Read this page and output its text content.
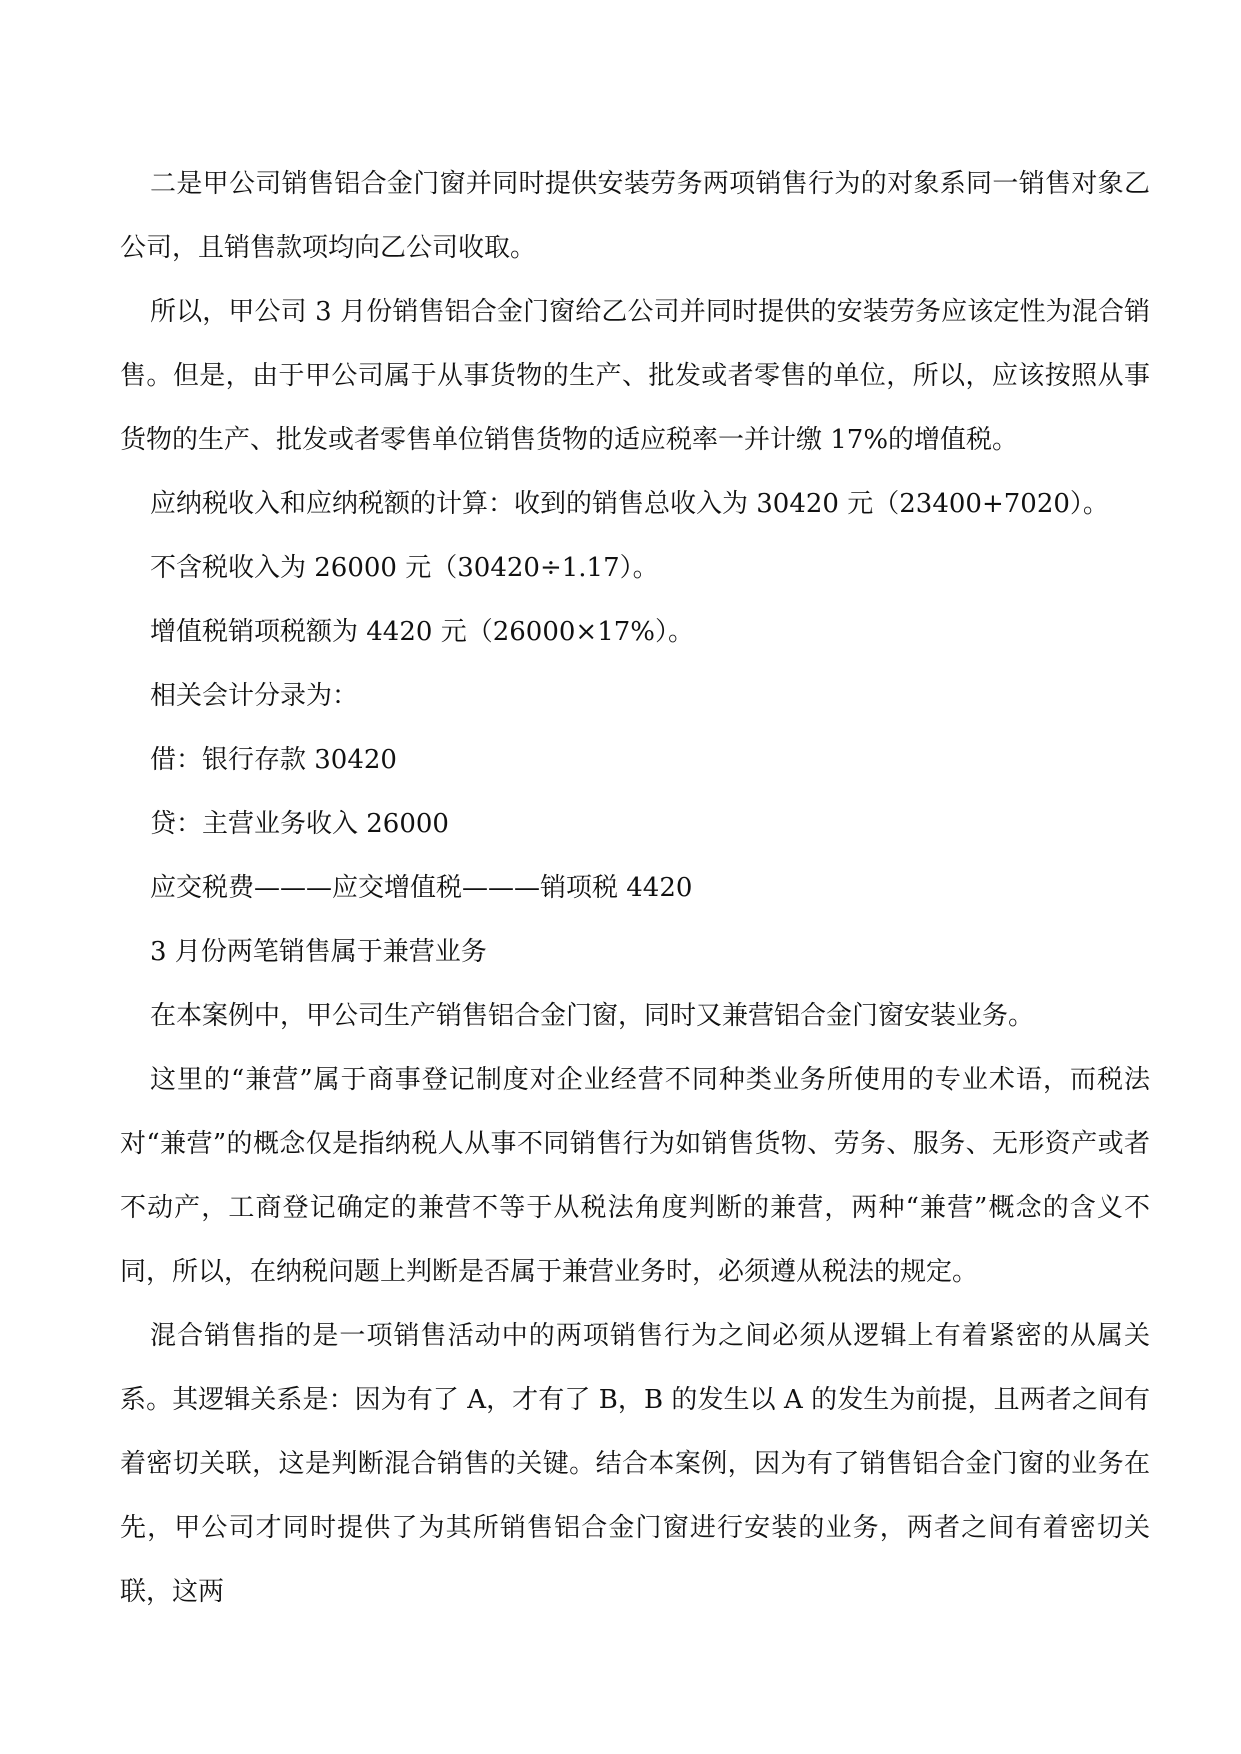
二是甲公司销售铝合金门窗并同时提供安装劳务两项销售行为的对象系同一销售对象乙公司，且销售款项均向乙公司收取。

所以，甲公司 3 月份销售铝合金门窗给乙公司并同时提供的安装劳务应该定性为混合销售。但是，由于甲公司属于从事货物的生产、批发或者零售的单位，所以，应该按照从事货物的生产、批发或者零售单位销售货物的适应税率一并计缴 17%的增值税。

应纳税收入和应纳税额的计算：收到的销售总收入为 30420 元（23400+7020）。

不含税收入为 26000 元（30420÷1.17）。

增值税销项税额为 4420 元（26000×17%）。

相关会计分录为：

借：银行存款 30420

贷：主营业务收入 26000

应交税费———应交增值税———销项税 4420

3 月份两笔销售属于兼营业务

在本案例中，甲公司生产销售铝合金门窗，同时又兼营铝合金门窗安装业务。

这里的“兼营”属于商事登记制度对企业经营不同种类业务所使用的专业术语，而税法对“兼营”的概念仅是指纳税人从事不同销售行为如销售货物、劳务、服务、无形资产或者不动产，工商登记确定的兼营不等于从税法角度判断的兼营，两种“兼营”概念的含义不同，所以，在纳税问题上判断是否属于兼营业务时，必须遵从税法的规定。

混合销售指的是一项销售活动中的两项销售行为之间必须从逻辑上有着紧密的从属关系。其逻辑关系是：因为有了 A，才有了 B，B 的发生以 A 的发生为前提，且两者之间有着密切关联，这是判断混合销售的关键。结合本案例，因为有了销售铝合金门窗的业务在先，甲公司才同时提供了为其所销售铝合金门窗进行安装的业务，两者之间有着密切关联，这两
